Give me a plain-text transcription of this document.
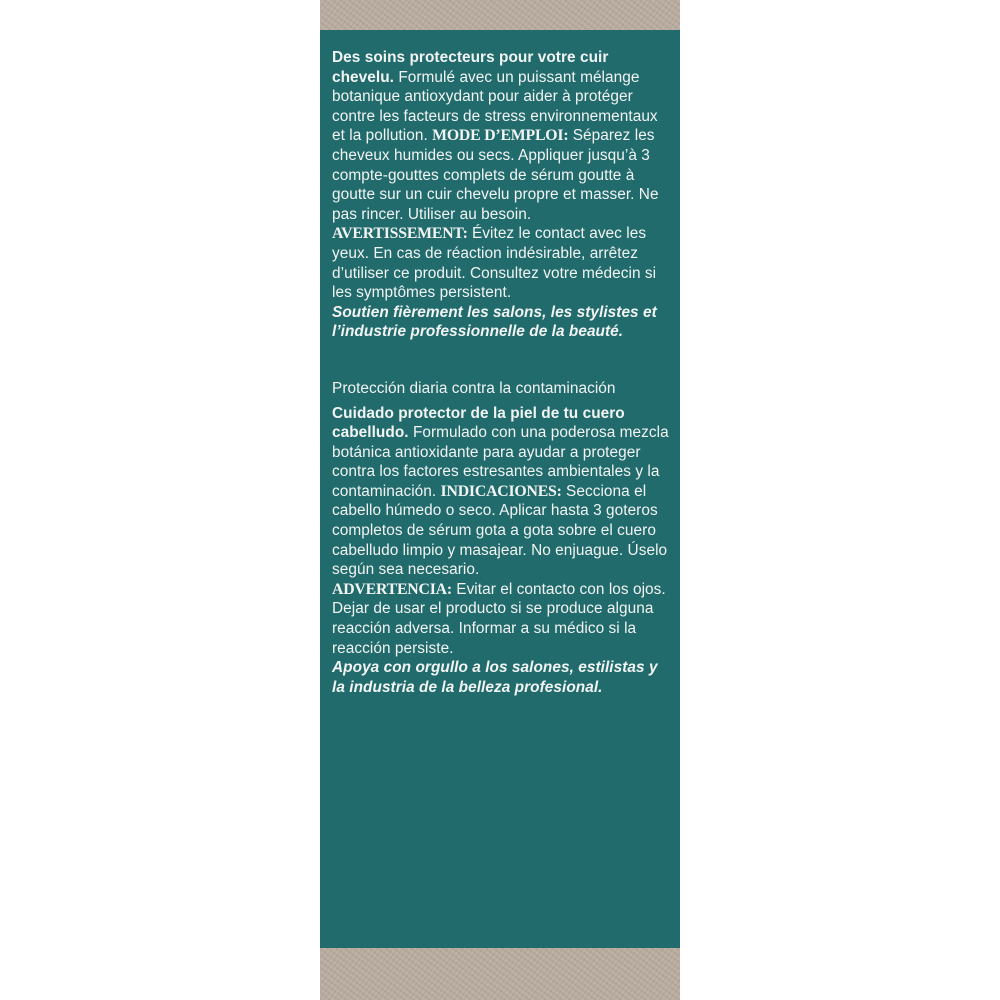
Des soins protecteurs pour votre cuir chevelu. Formulé avec un puissant mélange botanique antioxydant pour aider à protéger contre les facteurs de stress environnementaux et la pollution. MODE D’EMPLOI: Séparez les cheveux humides ou secs. Appliquer jusqu’à 3 compte-gouttes complets de sérum goutte à goutte sur un cuir chevelu propre et masser. Ne pas rincer. Utiliser au besoin.
AVERTISSEMENT: Évitez le contact avec les yeux. En cas de réaction indésirable, arrêtez d’utiliser ce produit. Consultez votre médecin si les symptômes persistent.

Soutien fièrement les salons, les stylistes et l’industrie professionnelle de la beauté.

Protección diaria contra la contaminación

Cuidado protector de la piel de tu cuero cabelludo. Formulado con una poderosa mezcla botánica antioxidante para ayudar a proteger contra los factores estresantes ambientales y la contaminación. INDICACIONES: Secciona el cabello húmedo o seco. Aplicar hasta 3 goteros completos de sérum gota a gota sobre el cuero cabelludo limpio y masajear. No enjuague. Úselo según sea necesario.
ADVERTENCIA: Evitar el contacto con los ojos. Dejar de usar el producto si se produce alguna reacción adversa. Informar a su médico si la reacción persiste.

Apoya con orgullo a los salones, estilistas y la industria de la belleza profesional.
